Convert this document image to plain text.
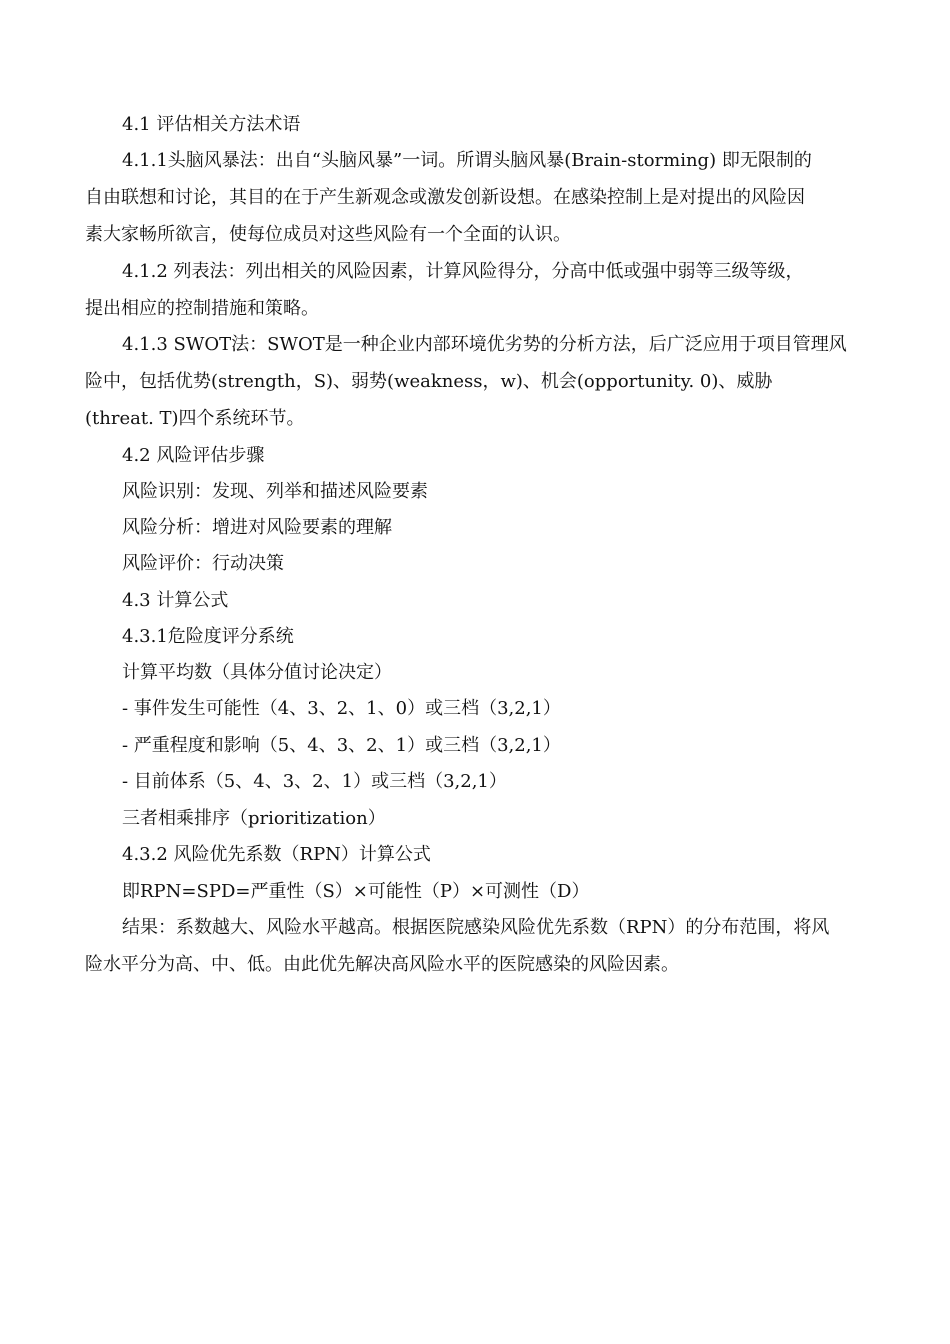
4.1 评估相关方法术语
4.1.1头脑风暴法：出自“头脑风暴”一词。所谓头脑风暴(Brain-storming) 即无限制的
自由联想和讨论，其目的在于产生新观念或激发创新设想。在感染控制上是对提出的风险因
素大家畅所欲言，使每位成员对这些风险有一个全面的认识。
4.1.2 列表法：列出相关的风险因素，计算风险得分，分高中低或强中弱等三级等级，
提出相应的控制措施和策略。
4.1.3 SWOT法：SWOT是一种企业内部环境优劣势的分析方法，后广泛应用于项目管理风
险中，包括优势(strength，S)、弱势(weakness，w)、机会(opportunity. 0)、威胁
(threat. T)四个系统环节。
4.2 风险评估步骤
风险识别：发现、列举和描述风险要素
风险分析：增进对风险要素的理解
风险评价：行动决策
4.3 计算公式
4.3.1危险度评分系统
计算平均数（具体分值讨论决定）
- 事件发生可能性（4、3、2、1、0）或三档（3,2,1）
- 严重程度和影响（5、4、3、2、1）或三档（3,2,1）
- 目前体系（5、4、3、2、1）或三档（3,2,1）
三者相乘排序（prioritization）
4.3.2 风险优先系数（RPN）计算公式
即RPN=SPD=严重性（S）×可能性（P）×可测性（D）
结果：系数越大、风险水平越高。根据医院感染风险优先系数（RPN）的分布范围，将风
险水平分为高、中、低。由此优先解决高风险水平的医院感染的风险因素。
